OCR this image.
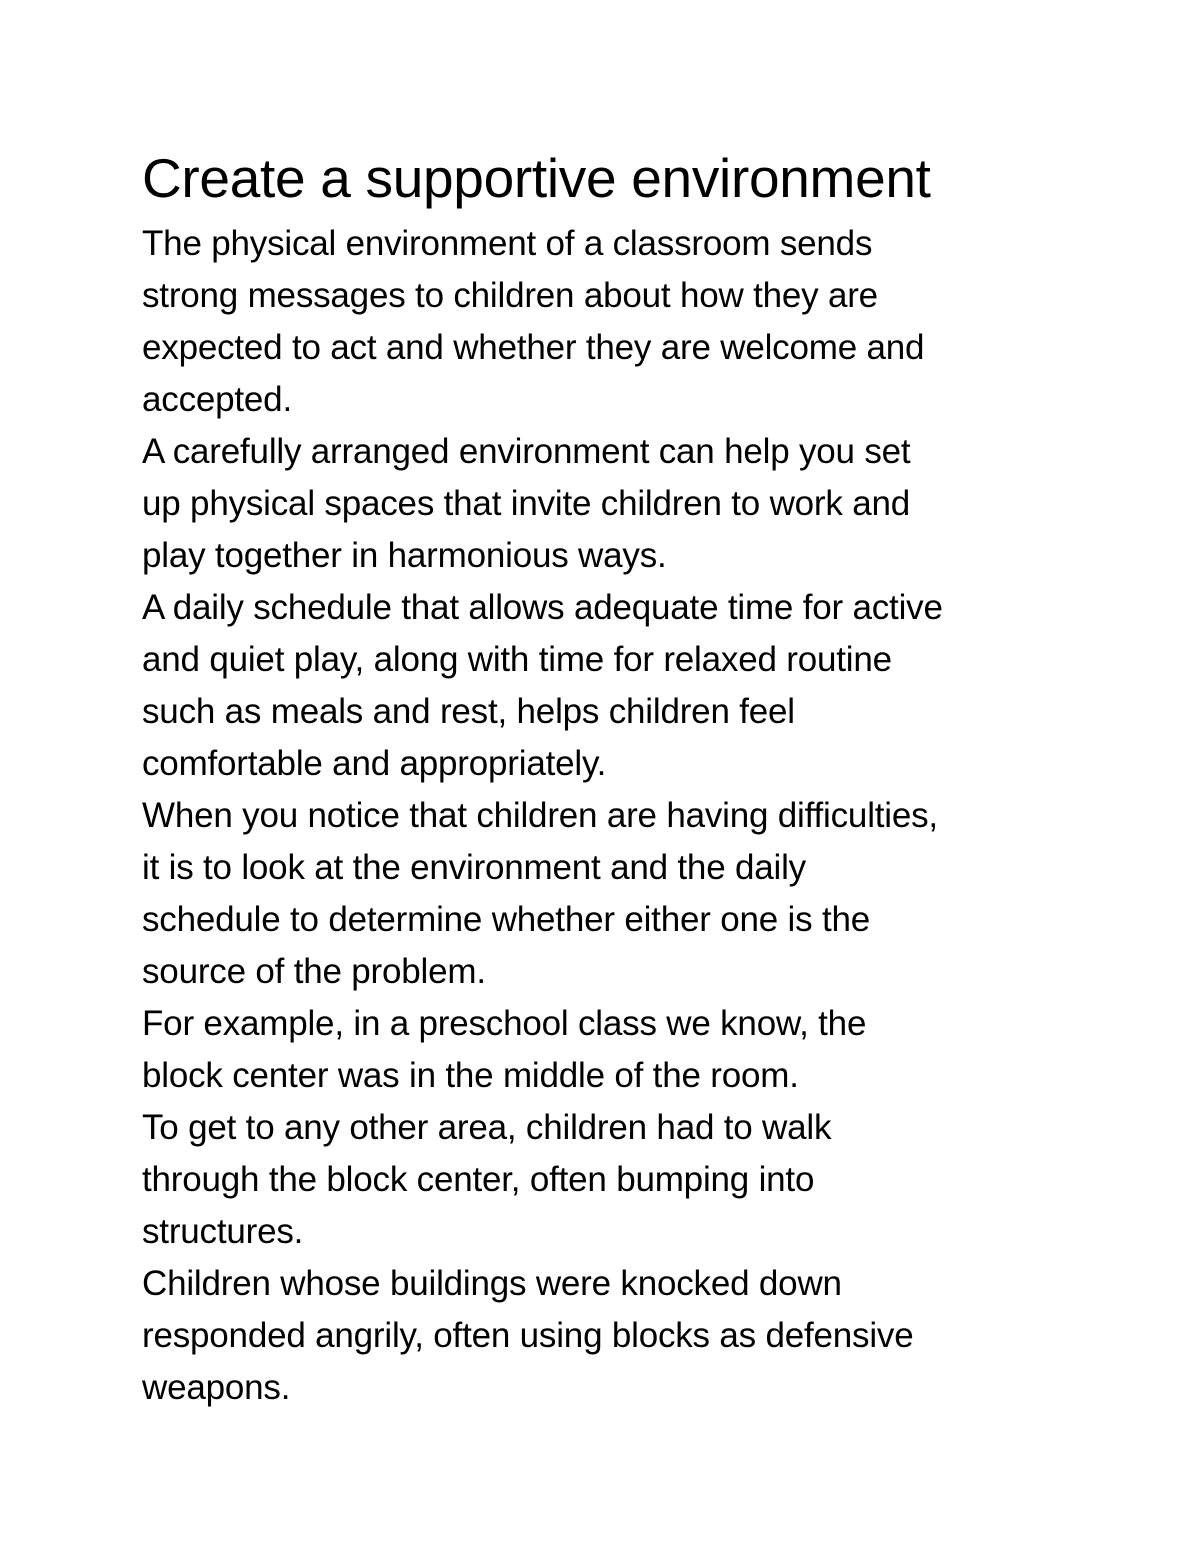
Create a supportive environment

The physical environment of a classroom sends
strong messages to children about how they are
expected to act and whether they are welcome and
accepted.

A carefully arranged environment can help you set
up physical spaces that invite children to work and
play together in harmonious ways.

A daily schedule that allows adequate time for active
and quiet play, along with time for relaxed routine
such as meals and rest, helps children feel
comfortable and appropriately.

When you notice that children are having difficulties,
it is to look at the environment and the daily
schedule to determine whether either one is the
source of the problem.

For example, in a preschool class we know, the
block center was in the middle of the room.

To get to any other area, children had to walk
through the block center, often bumping into
structures.

Children whose buildings were knocked down
responded angrily, often using blocks as defensive
weapons.
